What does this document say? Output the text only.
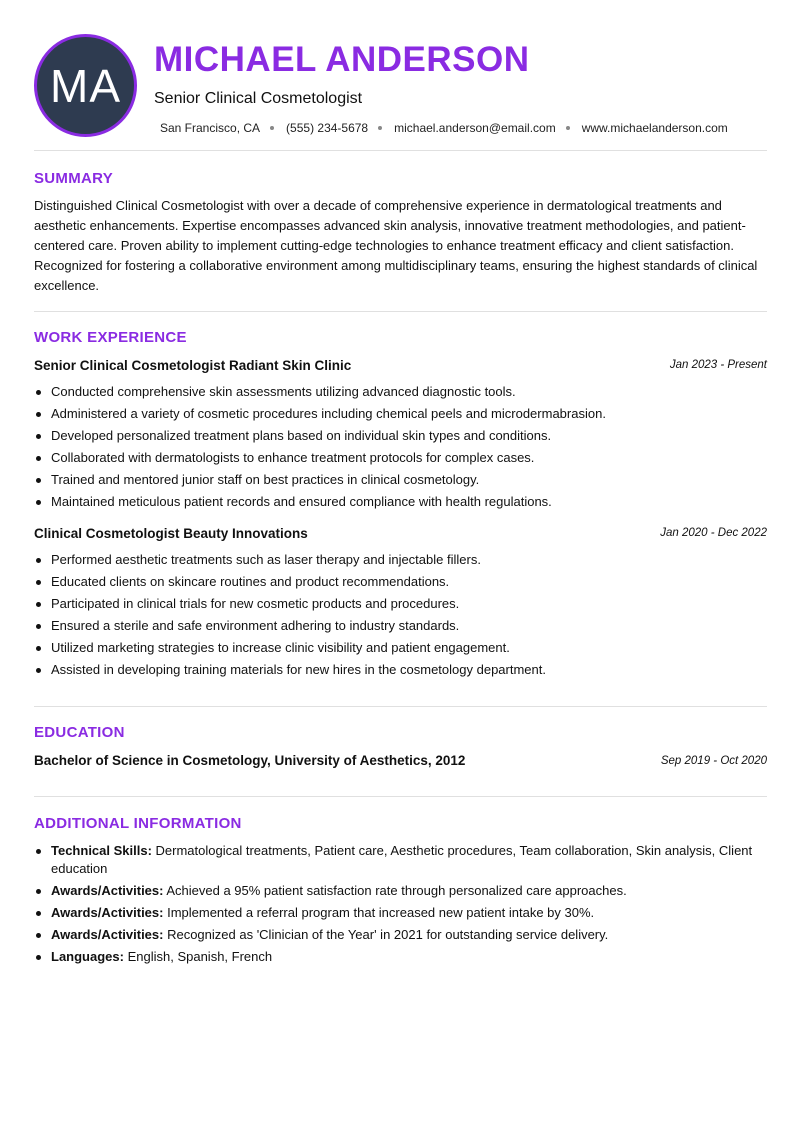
MA MICHAEL ANDERSON
Senior Clinical Cosmetologist
San Francisco, CA (555) 234-5678 michael.anderson@email.com www.michaelanderson.com
SUMMARY

Distinguished Clinical Cosmetologist with over a decade of comprehensive experience in dermatological treatments and aesthetic enhancements. Expertise encompasses advanced skin analysis, innovative treatment methodologies, and patient-centered care. Proven ability to implement cutting-edge technologies to enhance treatment efficacy and client satisfaction. Recognized for fostering a collaborative environment among multidisciplinary teams, ensuring the highest standards of clinical excellence.

WORK EXPERIENCE
Senior Clinical Cosmetologist Radiant Skin Clinic	Jan 2023 - Present
Conducted comprehensive skin assessments utilizing advanced diagnostic tools.
Administered a variety of cosmetic procedures including chemical peels and microdermabrasion.
Developed personalized treatment plans based on individual skin types and conditions.
Collaborated with dermatologists to enhance treatment protocols for complex cases.
Trained and mentored junior staff on best practices in clinical cosmetology.
Maintained meticulous patient records and ensured compliance with health regulations.
Clinical Cosmetologist Beauty Innovations	Jan 2020 - Dec 2022
Performed aesthetic treatments such as laser therapy and injectable fillers.
Educated clients on skincare routines and product recommendations.
Participated in clinical trials for new cosmetic products and procedures.
Ensured a sterile and safe environment adhering to industry standards.
Utilized marketing strategies to increase clinic visibility and patient engagement.
Assisted in developing training materials for new hires in the cosmetology department.
EDUCATION
Bachelor of Science in Cosmetology, University of Aesthetics, 2012	Sep 2019 - Oct 2020
ADDITIONAL INFORMATION
Technical Skills: Dermatological treatments, Patient care, Aesthetic procedures, Team collaboration, Skin analysis, Client education
Awards/Activities: Achieved a 95% patient satisfaction rate through personalized care approaches.
Awards/Activities: Implemented a referral program that increased new patient intake by 30%.
Awards/Activities: Recognized as 'Clinician of the Year' in 2021 for outstanding service delivery.
Languages: English, Spanish, French
